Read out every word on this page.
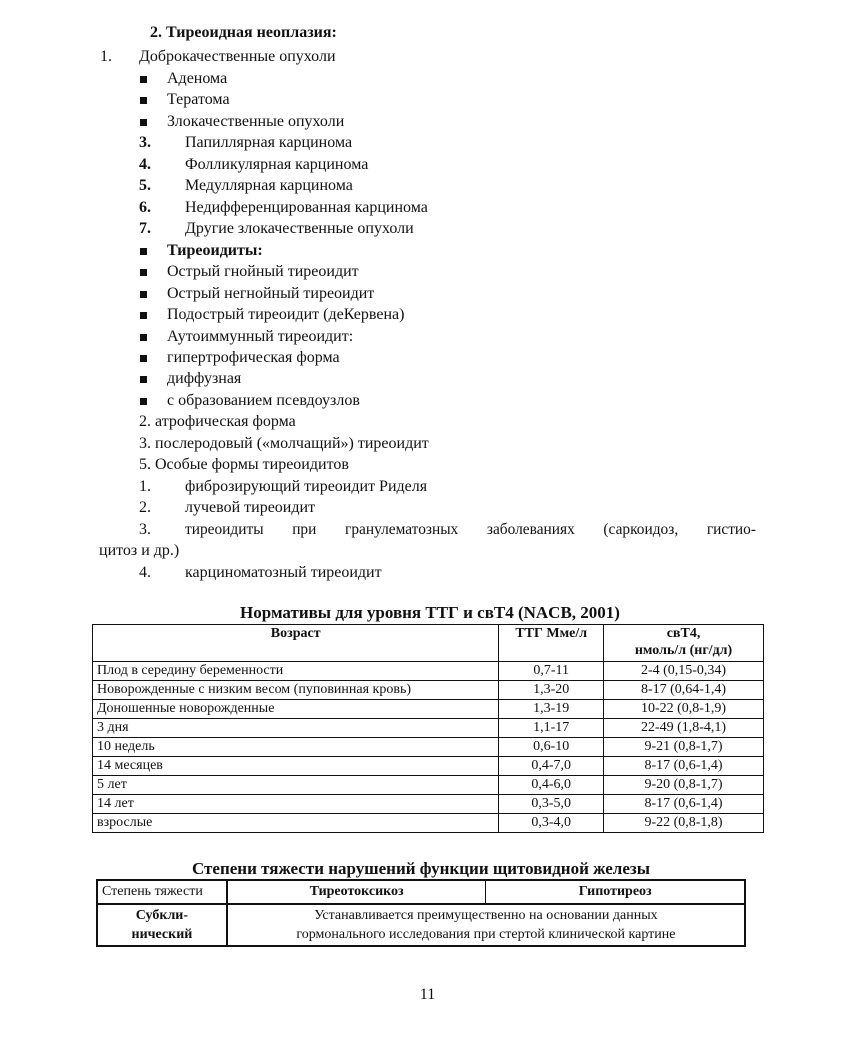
2. Тиреоидная неоплазия:
1. Доброкачественные опухоли
Аденома
Тератома
Злокачественные опухоли
3. Папиллярная карцинома
4. Фолликулярная карцинома
5. Медуллярная карцинома
6. Недифференцированная карцинома
7. Другие злокачественные опухоли
Тиреоидиты:
Острый гнойный тиреоидит
Острый негнойный тиреоидит
Подострый тиреоидит (деКервена)
Аутоиммунный тиреоидит:
гипертрофическая форма
диффузная
с образованием псевдоузлов
2. атрофическая форма
3. послеродовый («молчащий») тиреоидит
5. Особые формы тиреоидитов
1. фиброзирующий тиреоидит Риделя
2. лучевой тиреоидит
3. тиреоидиты при гранулематозных заболеваниях (саркоидоз, гистио-
цитоз и др.)
4. карциноматозный тиреоидит
Нормативы для уровня ТТГ и свТ4 (NACB, 2001)
Возраст	ТТГ Мме/л	свТ4,
нмоль/л (нг/дл)
Плод в середину беременности	0,7-11	2-4 (0,15-0,34)
Новорожденные с низким весом (пуповинная кровь)	1,3-20	8-17 (0,64-1,4)
Доношенные новорожденные	1,3-19	10-22 (0,8-1,9)
3 дня	1,1-17	22-49 (1,8-4,1)
10 недель	0,6-10	9-21 (0,8-1,7)
14 месяцев	0,4-7,0	8-17 (0,6-1,4)
5 лет	0,4-6,0	9-20 (0,8-1,7)
14 лет	0,3-5,0	8-17 (0,6-1,4)
взрослые	0,3-4,0	9-22 (0,8-1,8)
Степени тяжести нарушений функции щитовидной железы
Степень тяжести	Тиреотоксикоз	Гипотиреоз
Субкли-
нический	Устанавливается преимущественно на основании данных
гормонального исследования при стертой клинической картине	
11
